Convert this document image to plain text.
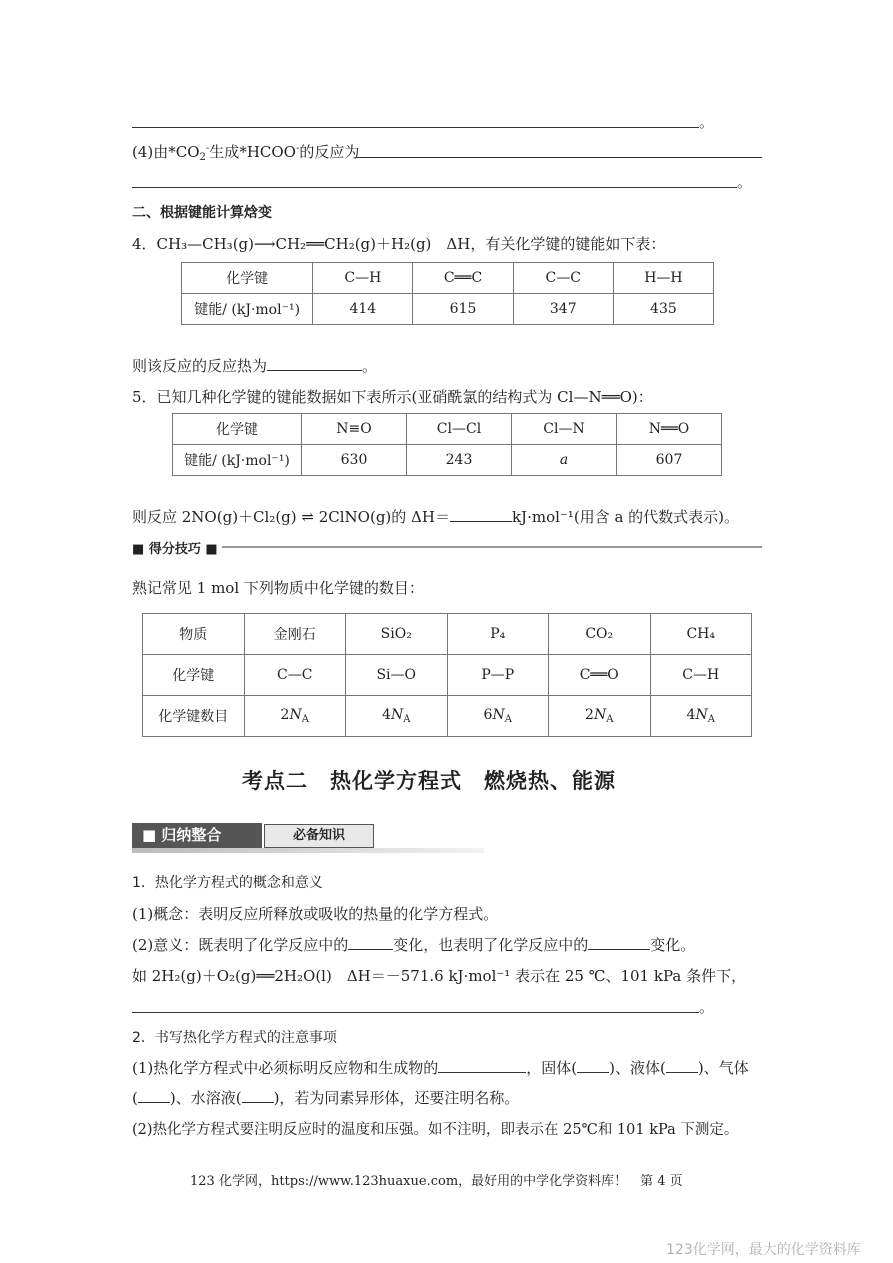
。
(4)由$*CO_2^-$生成*HCOO-的反应为
。
二、根据键能计算焓变
4．CH₃—CH₃(g)⟶CH₂══CH₂(g)＋H₂(g)　ΔH，有关化学键的键能如下表：
化学键	C—H	C══C	C—C	H—H
键能/ (kJ·mol⁻¹)	414	615	347	435
则该反应的反应热为	。
5．已知几种化学键的键能数据如下表所示(亚硝酰氯的结构式为 Cl—N══O)：
化学键	N≡O	Cl—Cl	Cl—N	N══O
键能/ (kJ·mol⁻¹)	630	243	a	607
则反应 2NO(g)＋Cl₂(g) ⇌ 2ClNO(g)的 ΔH＝	kJ·mol⁻¹(用含 a 的代数式表示)。
■ 得分技巧 ■
熟记常见 1 mol 下列物质中化学键的数目：
物质	金刚石	SiO₂	P₄	CO₂	CH₄
化学键	C—C	Si—O	P—P	C══O	C—H
化学键数目	$2N_A$	$4N_A$	$6N_A$	$2N_A$	$4N_A$
考点二　热化学方程式　燃烧热、能源
■ 归纳整合	必备知识
1．热化学方程式的概念和意义
(1)概念：表明反应所释放或吸收的热量的化学方程式。
(2)意义：既表明了化学反应中的	变化，也表明了化学反应中的	变化。
如 2H₂(g)＋O₂(g)══2H₂O(l)　ΔH＝－571.6 kJ·mol⁻¹ 表示在 25 ℃、101 kPa 条件下，
。
2．书写热化学方程式的注意事项
(1)热化学方程式中必须标明反应物和生成物的	，固体( )、液体( )、气体
( )、水溶液( )，若为同素异形体，还要注明名称。
(2)热化学方程式要注明反应时的温度和压强。如不注明，即表示在 25℃和 101 kPa 下测定。
123 化学网，https://www.123huaxue.com，最好用的中学化学资料库！　第 4 页
123化学网，最大的化学资料库
